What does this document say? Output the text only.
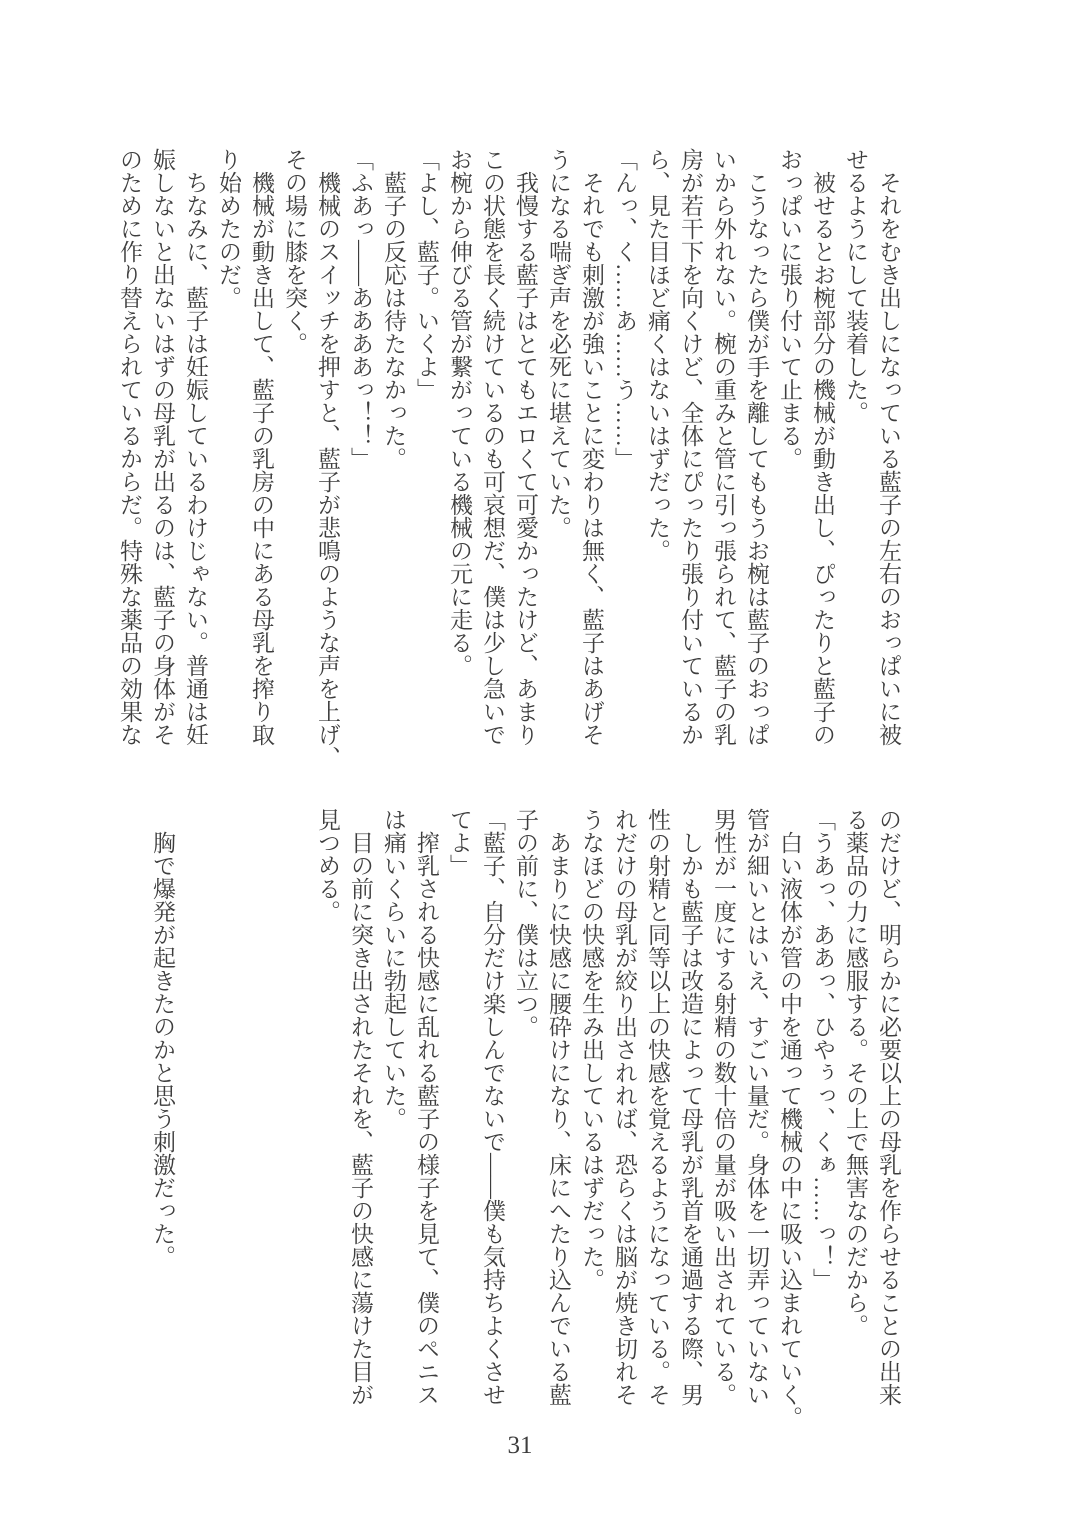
　それをむき出しになっている藍子の左右のおっぱいに被
せるようにして装着した。
　被せるとお椀部分の機械が動き出し、ぴったりと藍子の
おっぱいに張り付いて止まる。
　こうなったら僕が手を離してももうお椀は藍子のおっぱ
いから外れない。椀の重みと管に引っ張られて、藍子の乳
房が若干下を向くけど、全体にぴったり張り付いているか
ら、見た目ほど痛くはないはずだった。
「んっ、く……あ……う……」
　それでも刺激が強いことに変わりは無く、藍子はあげそ
うになる喘ぎ声を必死に堪えていた。
　我慢する藍子はとてもエロくて可愛かったけど、あまり
この状態を長く続けているのも可哀想だ、僕は少し急いで
お椀から伸びる管が繋がっている機械の元に走る。
「よし、藍子。いくよ」
　藍子の反応は待たなかった。
「ふあっ――ああああっ！！」
　機械のスイッチを押すと、藍子が悲鳴のような声を上げ、
その場に膝を突く。
　機械が動き出して、藍子の乳房の中にある母乳を搾り取
り始めたのだ。
　ちなみに、藍子は妊娠しているわけじゃない。普通は妊
娠しないと出ないはずの母乳が出るのは、藍子の身体がそ
のために作り替えられているからだ。特殊な薬品の効果な
のだけど、明らかに必要以上の母乳を作らせることの出来
る薬品の力に感服する。その上で無害なのだから。
「うあっ、ああっ、ひやぅっ、くぁ……っ！」
　白い液体が管の中を通って機械の中に吸い込まれていく。
管が細いとはいえ、すごい量だ。身体を一切弄っていない
男性が一度にする射精の数十倍の量が吸い出されている。
　しかも藍子は改造によって母乳が乳首を通過する際、男
性の射精と同等以上の快感を覚えるようになっている。そ
れだけの母乳が絞り出されれば、恐らくは脳が焼き切れそ
うなほどの快感を生み出しているはずだった。
　あまりに快感に腰砕けになり、床にへたり込んでいる藍
子の前に、僕は立つ。
「藍子、自分だけ楽しんでないで――僕も気持ちよくさせ
てよ」
　搾乳される快感に乱れる藍子の様子を見て、僕のペニス
は痛いくらいに勃起していた。
　目の前に突き出されたそれを、藍子の快感に蕩けた目が
見つめる。

　胸で爆発が起きたのかと思う刺激だった。
31
